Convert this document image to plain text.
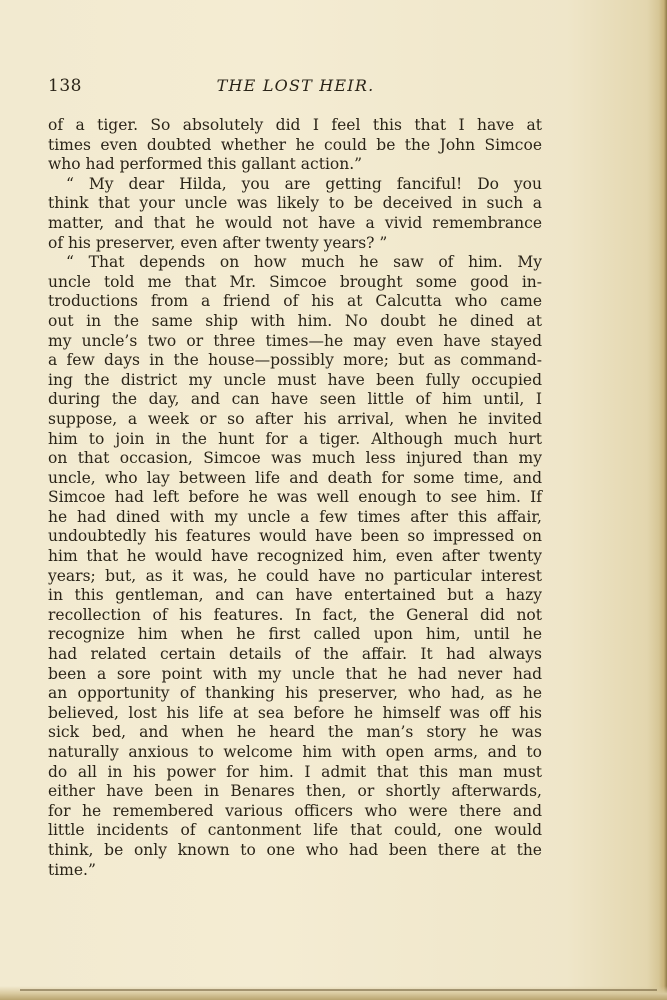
138	THE LOST HEIR.

of a tiger. So absolutely did I feel this that I have at

times even doubted whether he could be the John Simcoe

who had performed this gallant action.”

“ My dear Hilda, you are getting fanciful! Do you

think that your uncle was likely to be deceived in such a

matter, and that he would not have a vivid remembrance

of his preserver, even after twenty years? ”

“ That depends on how much he saw of him. My

uncle told me that Mr. Simcoe brought some good in-

troductions from a friend of his at Calcutta who came

out in the same ship with him. No doubt he dined at

my uncle’s two or three times—he may even have stayed

a few days in the house—possibly more; but as command-

ing the district my uncle must have been fully occupied

during the day, and can have seen little of him until, I

suppose, a week or so after his arrival, when he invited

him to join in the hunt for a tiger. Although much hurt

on that occasion, Simcoe was much less injured than my

uncle, who lay between life and death for some time, and

Simcoe had left before he was well enough to see him. If

he had dined with my uncle a few times after this affair,

undoubtedly his features would have been so impressed on

him that he would have recognized him, even after twenty

years; but, as it was, he could have no particular interest

in this gentleman, and can have entertained but a hazy

recollection of his features. In fact, the General did not

recognize him when he first called upon him, until he

had related certain details of the affair. It had always

been a sore point with my uncle that he had never had

an opportunity of thanking his preserver, who had, as he

believed, lost his life at sea before he himself was off his

sick bed, and when he heard the man’s story he was

naturally anxious to welcome him with open arms, and to

do all in his power for him. I admit that this man must

either have been in Benares then, or shortly afterwards,

for he remembered various officers who were there and

little incidents of cantonment life that could, one would

think, be only known to one who had been there at the

time.”
